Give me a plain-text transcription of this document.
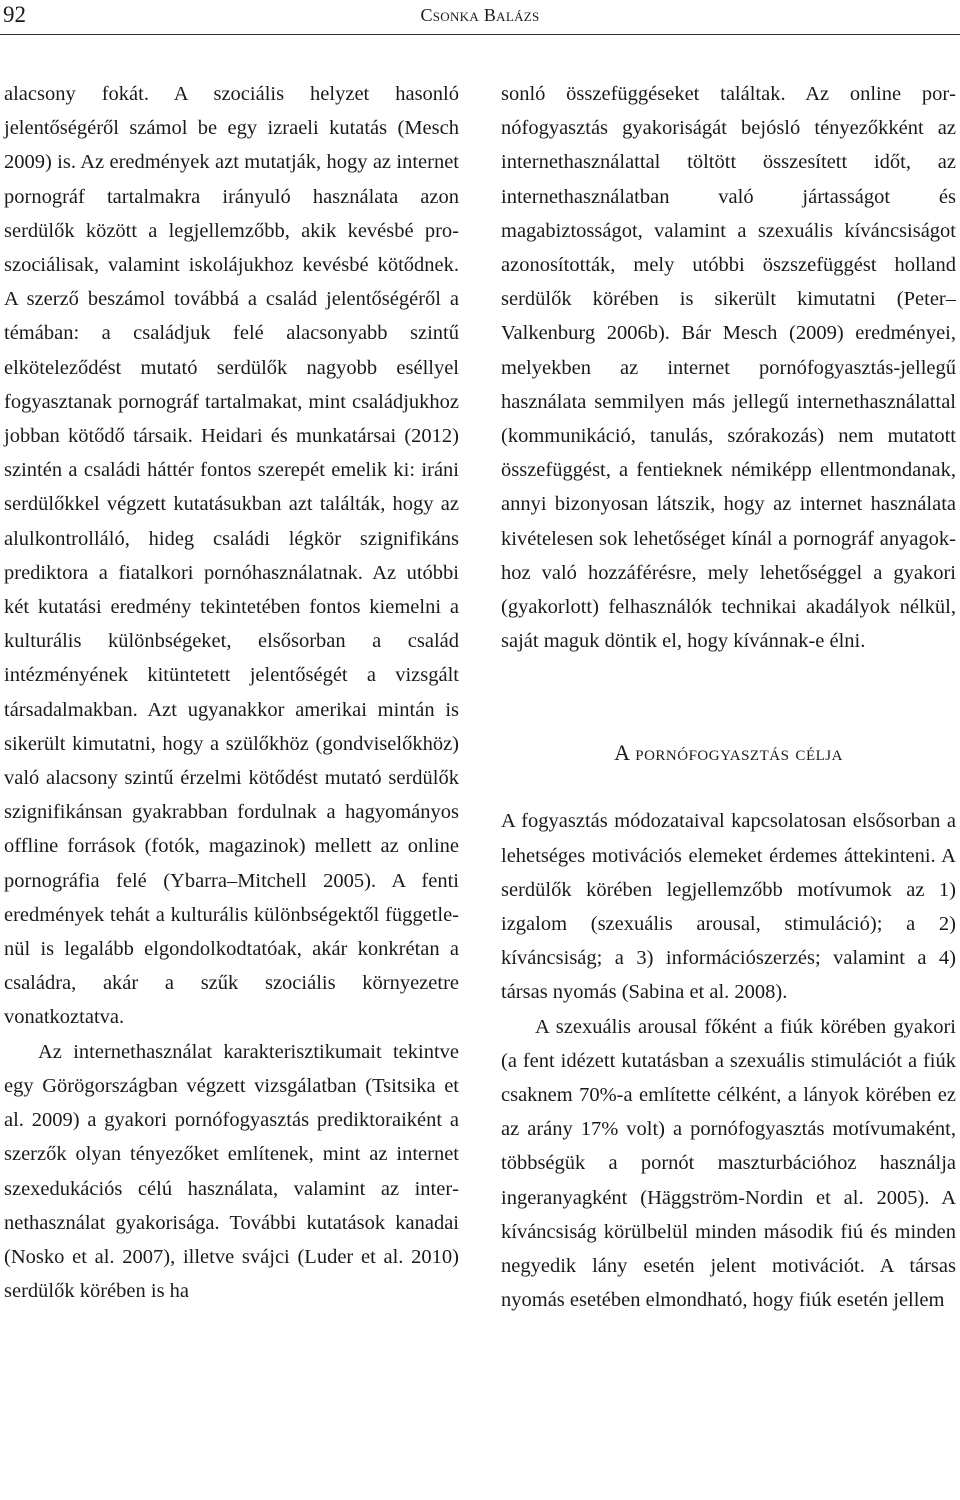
92	Csonka Balázs

alacsony fokát. A szociális helyzet hasonló jelentőségéről számol be egy izraeli kutatás (Mesch 2009) is. Az eredmények azt mutatják, hogy az internet pornográf tartalmakra irányuló használata azon serdülők között a legjellemzőbb, akik kevésbé proszociálisak, valamint iskolájukhoz kevésbé kötődnek. A szerző beszámol továbbá a család jelentőségéről a témában: a családjuk felé alacsonyabb szintű elköteleződést mutató serdülők nagyobb eséllyel fogyasztanak pornográf tartalmakat, mint családjukhoz jobban kötődő társaik. Heidari és munkatársai (2012) szintén a családi háttér fontos szerepét emelik ki: iráni serdülőkkel végzett kutatásukban azt találták, hogy az alulkontrolláló, hideg családi légkör szignifikáns prediktora a fiatalkori pornóhasználatnak. Az utóbbi két kutatási eredmény tekintetében fontos kiemelni a kulturális különbségeket, elsősorban a család intézményének kitüntetett jelentőségét a vizsgált társadalmakban. Azt ugyanakkor amerikai mintán is sikerült kimutatni, hogy a szülőkhöz (gondviselőkhöz) való alacsony szintű érzelmi kötődést mutató serdülők szignifikánsan gyakrabban fordulnak a hagyományos offline források (fotók, magazinok) mellett az online pornográfia felé (Ybarra–Mitchell 2005). A fenti eredmények tehát a kulturális különbségektől függetlenül is legalább elgondolkodtatóak, akár konkrétan a családra, akár a szűk szociális környezetre vonatkoztatva.

Az internethasználat karakterisztikumait tekintve egy Görögországban végzett vizsgálatban (Tsitsika et al. 2009) a gyakori pornófogyasztás prediktoraiként a szerzők olyan tényezőket említenek, mint az internet szexedukációs célú használata, valamint az internethasználat gyakorisága. További kutatások kanadai (Nosko et al. 2007), illetve svájci (Luder et al. 2010) serdülők körében is ha

sonló összefüggéseket találtak. Az online pornófogyasztás gyakoriságát bejósló tényezőkként az internethasználattal töltött összesített időt, az internethasználatban való jártasságot és magabiztosságot, valamint a szexuális kíváncsiságot azonosították, mely utóbbi öszszefüggést holland serdülők körében is sikerült kimutatni (Peter–Valkenburg 2006b). Bár Mesch (2009) eredményei, melyekben az internet pornófogyasztás-jellegű használata semmilyen más jellegű internethasználattal (kommunikáció, tanulás, szórakozás) nem mutatott összefüggést, a fentieknek némiképp ellentmondanak, annyi bizonyosan látszik, hogy az internet használata kivételesen sok lehetőséget kínál a pornográf anyagokhoz való hozzáférésre, mely lehetőséggel a gyakori (gyakorlott) felhasználók technikai akadályok nélkül, saját maguk döntik el, hogy kívánnak-e élni.

A pornófogyasztás célja

A fogyasztás módozataival kapcsolatosan elsősorban a lehetséges motivációs elemeket érdemes áttekinteni. A serdülők körében legjellemzőbb motívumok az 1) izgalom (szexuális arousal, stimuláció); a 2) kíváncsiság; a 3) információszerzés; valamint a 4) társas nyomás (Sabina et al. 2008).

A szexuális arousal főként a fiúk körében gyakori (a fent idézett kutatásban a szexuális stimulációt a fiúk csaknem 70%-a említette célként, a lányok körében ez az arány 17% volt) a pornófogyasztás motívumaként, többségük a pornót maszturbációhoz használja ingeranyagként (Häggström-Nordin et al. 2005). A kíváncsiság körülbelül minden második fiú és minden negyedik lány esetén jelent motivációt. A társas nyomás esetében elmondható, hogy fiúk esetén jellem
